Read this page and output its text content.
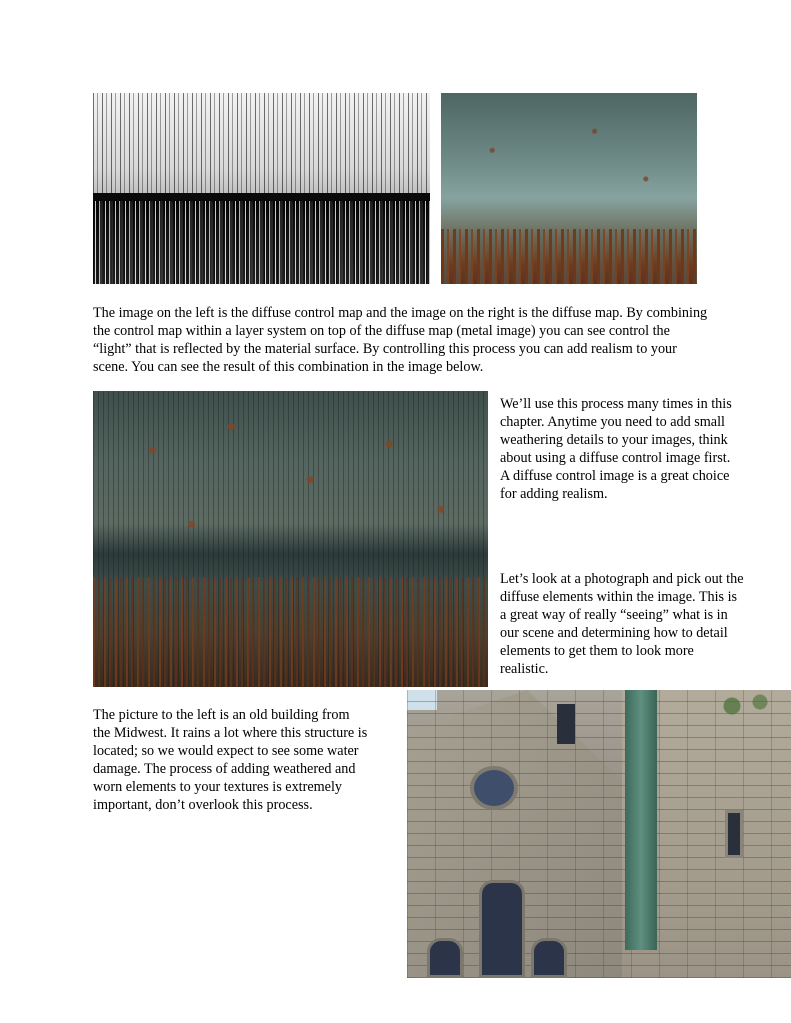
The image on the left is the diffuse control map and the image on the right is the diffuse map. By combining
the control map within a layer system on top of the diffuse map (metal image) you can see control the
“light” that is reflected by the material surface. By controlling this process you can add realism to your
scene. You can see the result of this combination in the image below.
We’ll use this process many times in this
chapter. Anytime you need to add small
weathering details to your images, think
about using a diffuse control image first.
A diffuse control image is a great choice
for adding realism.
Let’s look at a photograph and pick out the
diffuse elements within the image. This is
a great way of really “seeing” what is in
our scene and determining how to detail
elements to get them to look more
realistic.
The picture to the left is an old building from
the Midwest. It rains a lot where this structure is
located; so we would expect to see some water
damage. The process of adding weathered and
worn elements to your textures is extremely
important, don’t overlook this process.
